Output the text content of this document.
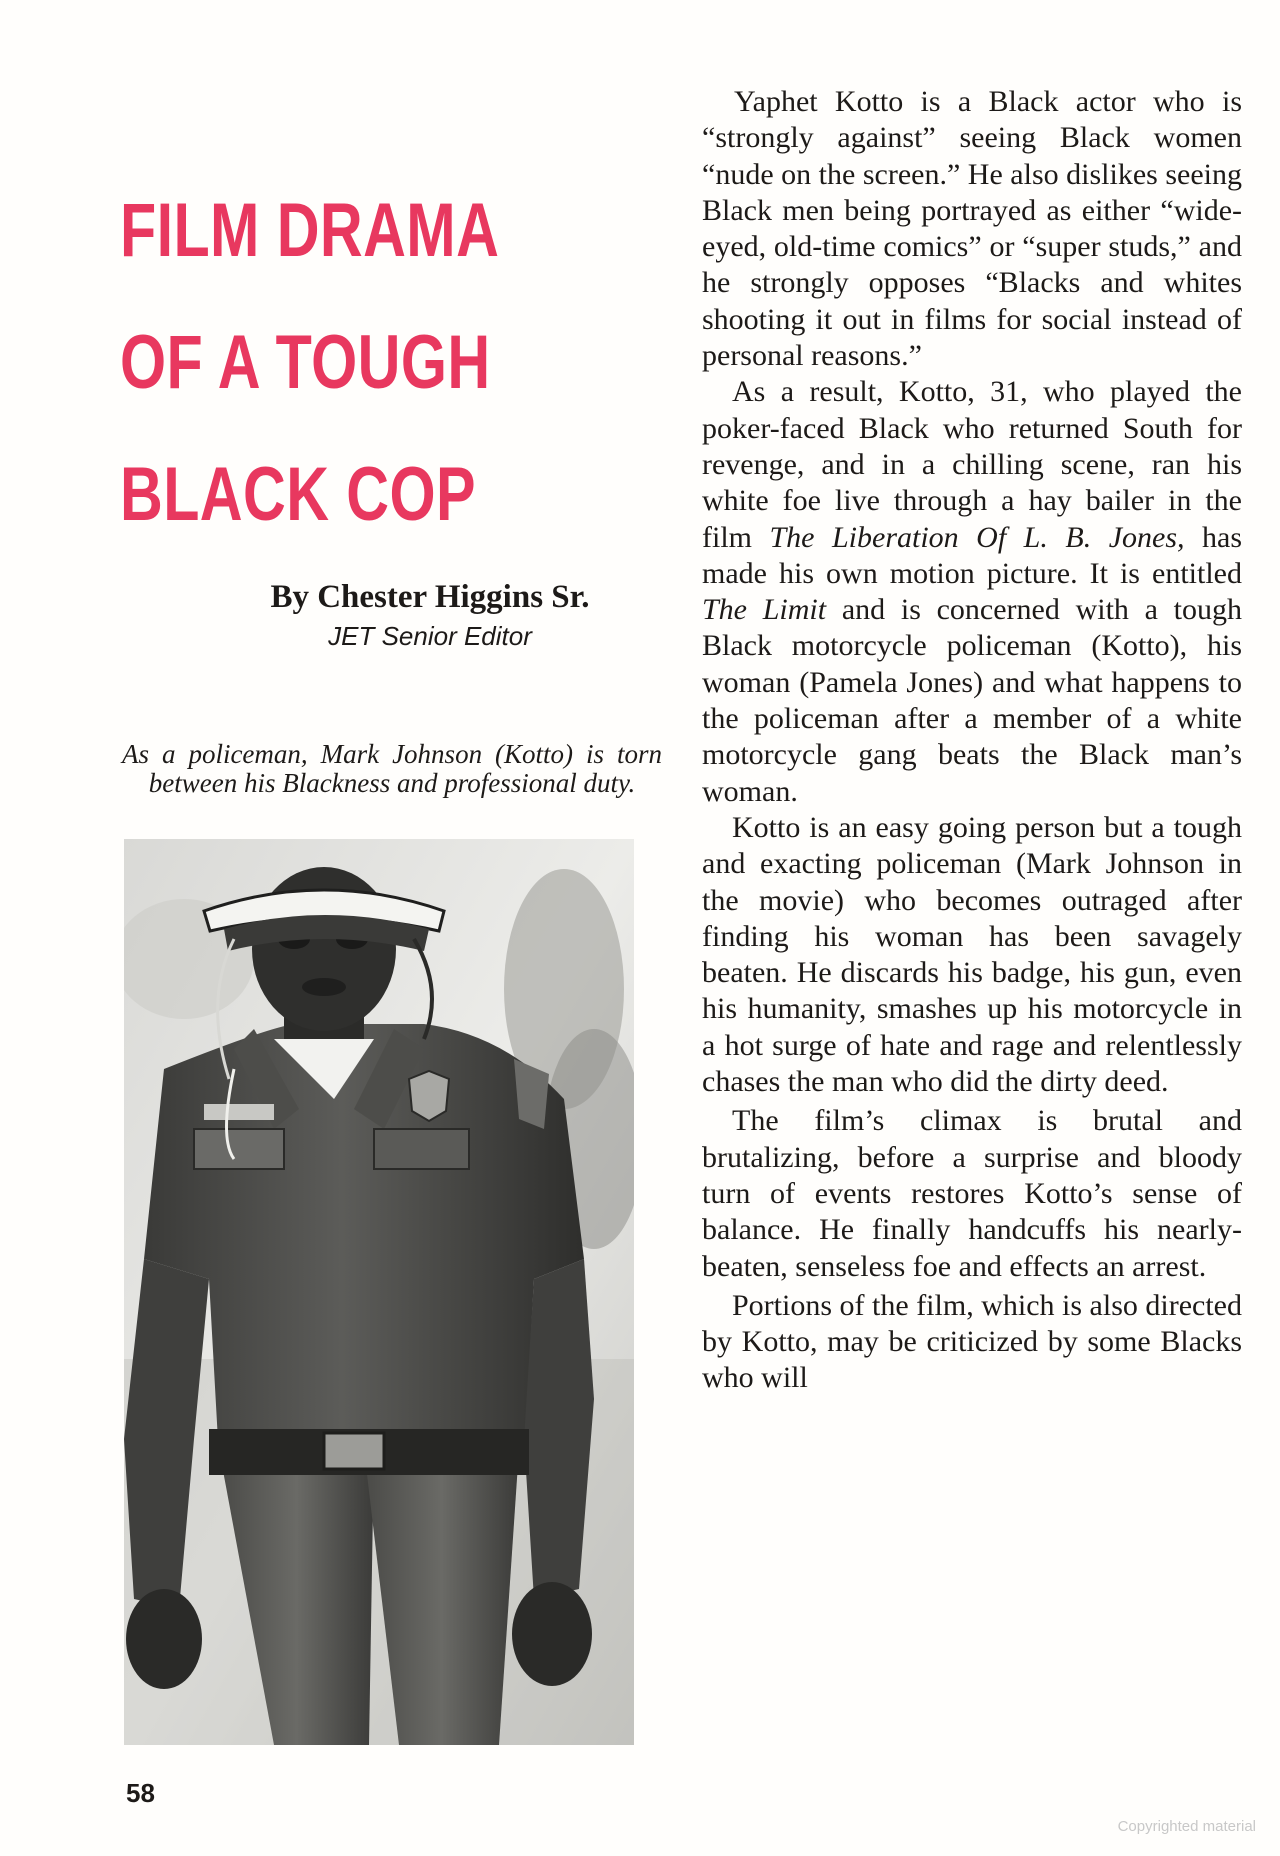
FILM DRAMA
OF A TOUGH
BLACK COP
By Chester Higgins Sr.
JET Senior Editor
As a policeman, Mark Johnson (Kotto) is torn between his Blackness and professional duty.

Yaphet Kotto is a Black actor who is “strongly against” seeing Black women “nude on the screen.” He also dislikes seeing Black men being portrayed as either “wide-eyed, old-time comics” or “super studs,” and he strongly opposes “Blacks and whites shooting it out in films for social instead of personal reasons.”

As a result, Kotto, 31, who played the poker-faced Black who returned South for revenge, and in a chilling scene, ran his white foe live through a hay bailer in the film The Liberation Of L. B. Jones, has made his own motion picture. It is entitled The Limit and is concerned with a tough Black motorcycle policeman (Kotto), his woman (Pamela Jones) and what happens to the policeman after a member of a white motorcycle gang beats the Black man’s woman.

Kotto is an easy going person but a tough and exacting policeman (Mark Johnson in the movie) who becomes outraged after finding his woman has been savagely beaten. He discards his badge, his gun, even his humanity, smashes up his motorcycle in a hot surge of hate and rage and relentlessly chases the man who did the dirty deed.

The film’s climax is brutal and brutalizing, before a surprise and bloody turn of events restores Kotto’s sense of balance. He finally handcuffs his nearly-beaten, senseless foe and effects an arrest.

Portions of the film, which is also directed by Kotto, may be criticized by some Blacks who will

58
Copyrighted material
